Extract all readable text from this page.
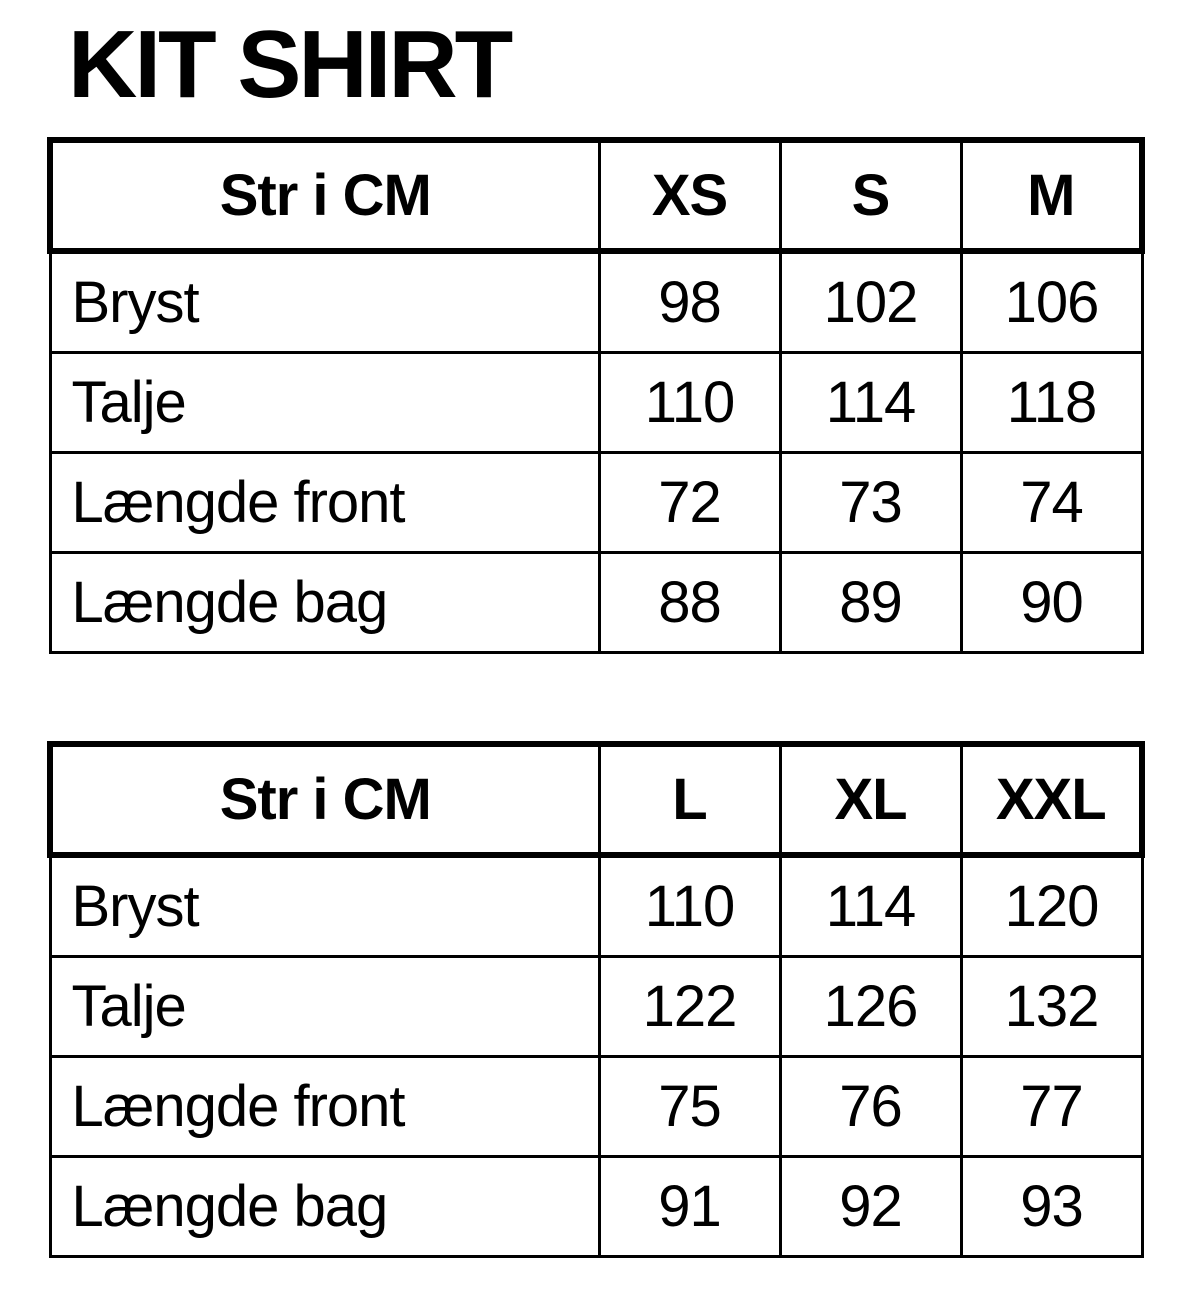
KIT SHIRT
Str i CM	XS	S	M
Bryst	98	102	106
Talje	110	114	118
Længde front	72	73	74
Længde bag	88	89	90
Str i CM	L	XL	XXL
Bryst	110	114	120
Talje	122	126	132
Længde front	75	76	77
Længde bag	91	92	93
